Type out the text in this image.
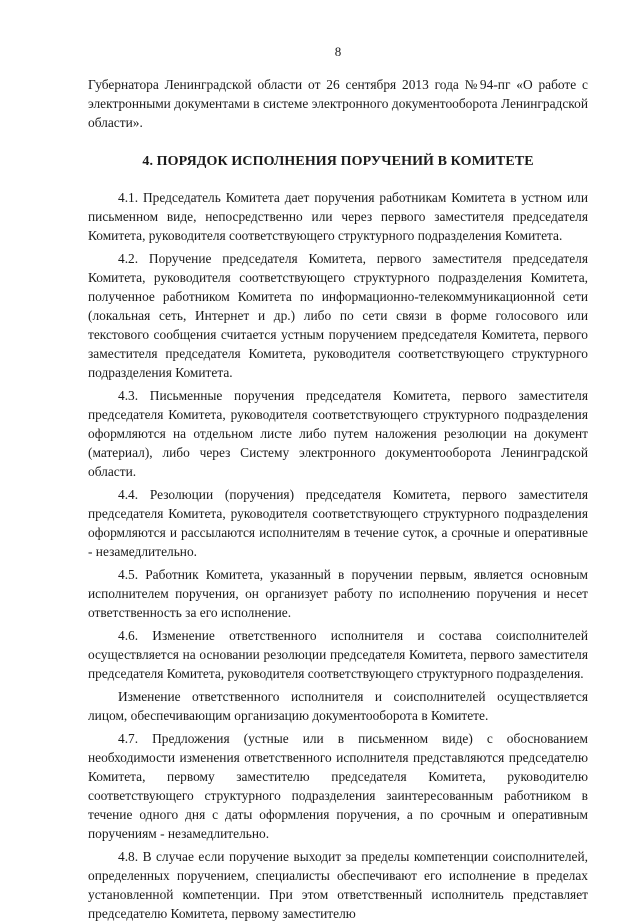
8

Губернатора Ленинградской области от 26 сентября 2013 года №94-пг «О работе с электронными документами в системе электронного документооборота Ленинградской области».

4. ПОРЯДОК ИСПОЛНЕНИЯ ПОРУЧЕНИЙ В КОМИТЕТЕ

4.1. Председатель Комитета дает поручения работникам Комитета в устном или письменном виде, непосредственно или через первого заместителя председателя Комитета, руководителя соответствующего структурного подразделения Комитета.

4.2. Поручение председателя Комитета, первого заместителя председателя Комитета, руководителя соответствующего структурного подразделения Комитета, полученное работником Комитета по информационно-телекоммуникационной сети (локальная сеть, Интернет и др.) либо по сети связи в форме голосового или текстового сообщения считается устным поручением председателя Комитета, первого заместителя председателя Комитета, руководителя соответствующего структурного подразделения Комитета.

4.3. Письменные поручения председателя Комитета, первого заместителя председателя Комитета, руководителя соответствующего структурного подразделения оформляются на отдельном листе либо путем наложения резолюции на документ (материал), либо через Систему электронного документооборота Ленинградской области.

4.4. Резолюции (поручения) председателя Комитета, первого заместителя председателя Комитета, руководителя соответствующего структурного подразделения оформляются и рассылаются исполнителям в течение суток, а срочные и оперативные - незамедлительно.

4.5. Работник Комитета, указанный в поручении первым, является основным исполнителем поручения, он организует работу по исполнению поручения и несет ответственность за его исполнение.

4.6. Изменение ответственного исполнителя и состава соисполнителей осуществляется на основании резолюции председателя Комитета, первого заместителя председателя Комитета, руководителя соответствующего структурного подразделения.

Изменение ответственного исполнителя и соисполнителей осуществляется лицом, обеспечивающим организацию документооборота в Комитете.

4.7. Предложения (устные или в письменном виде) с обоснованием необходимости изменения ответственного исполнителя представляются председателю Комитета, первому заместителю председателя Комитета, руководителю соответствующего структурного подразделения заинтересованным работником в течение одного дня с даты оформления поручения, а по срочным и оперативным поручениям - незамедлительно.

4.8. В случае если поручение выходит за пределы компетенции соисполнителей, определенных поручением, специалисты обеспечивают его исполнение в пределах установленной компетенции. При этом ответственный исполнитель представляет председателю Комитета, первому заместителю
